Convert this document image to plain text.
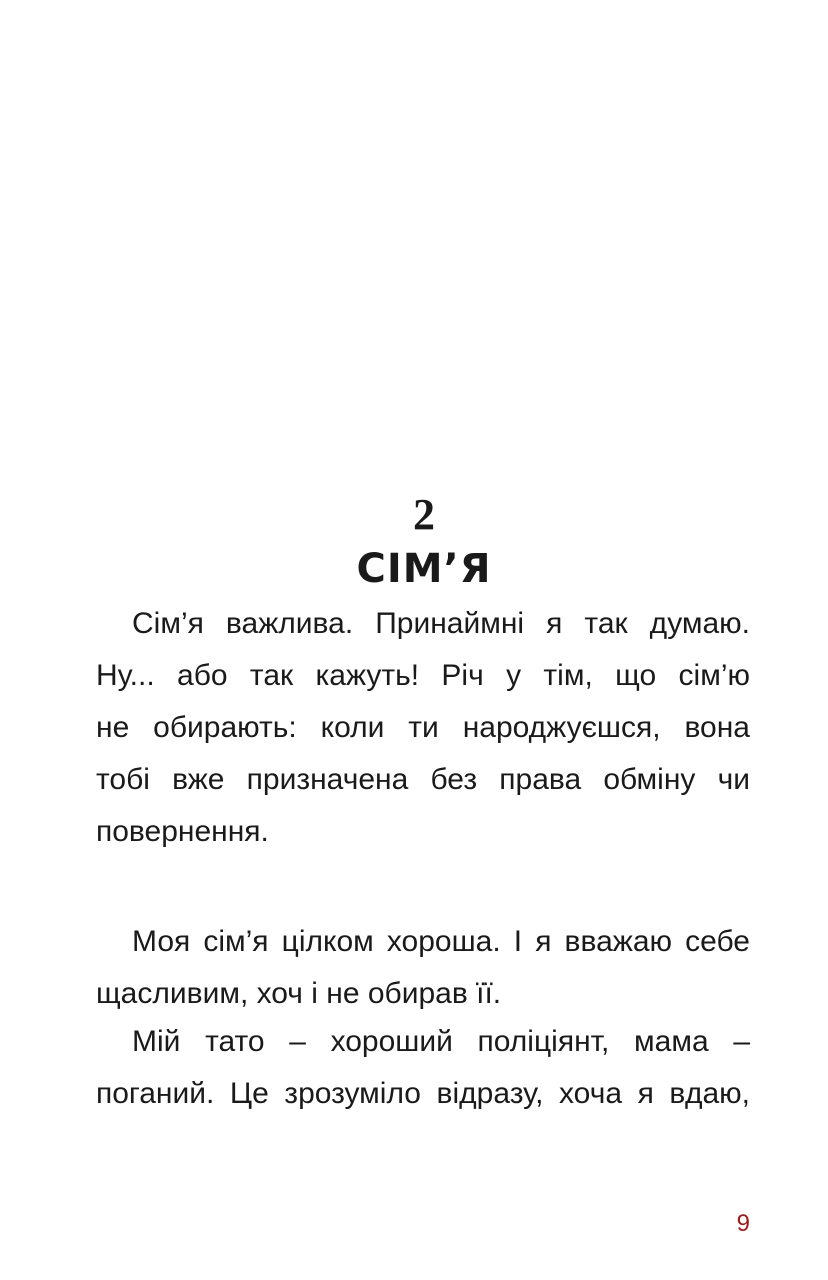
2
СІМ’Я

Сім’я важлива. Принаймні я так думаю.
Ну... або так кажуть! Річ у тім, що сім’ю
не обирають: коли ти народжуєшся, вона
тобі вже призначена без права обміну чи
повернення.

Моя сім’я цілком хороша. І я вважаю себе
щасливим, хоч і не обирав її.

Мій тато – хороший поліціянт, мама –
поганий. Це зрозуміло відразу, хоча я вдаю,

9
